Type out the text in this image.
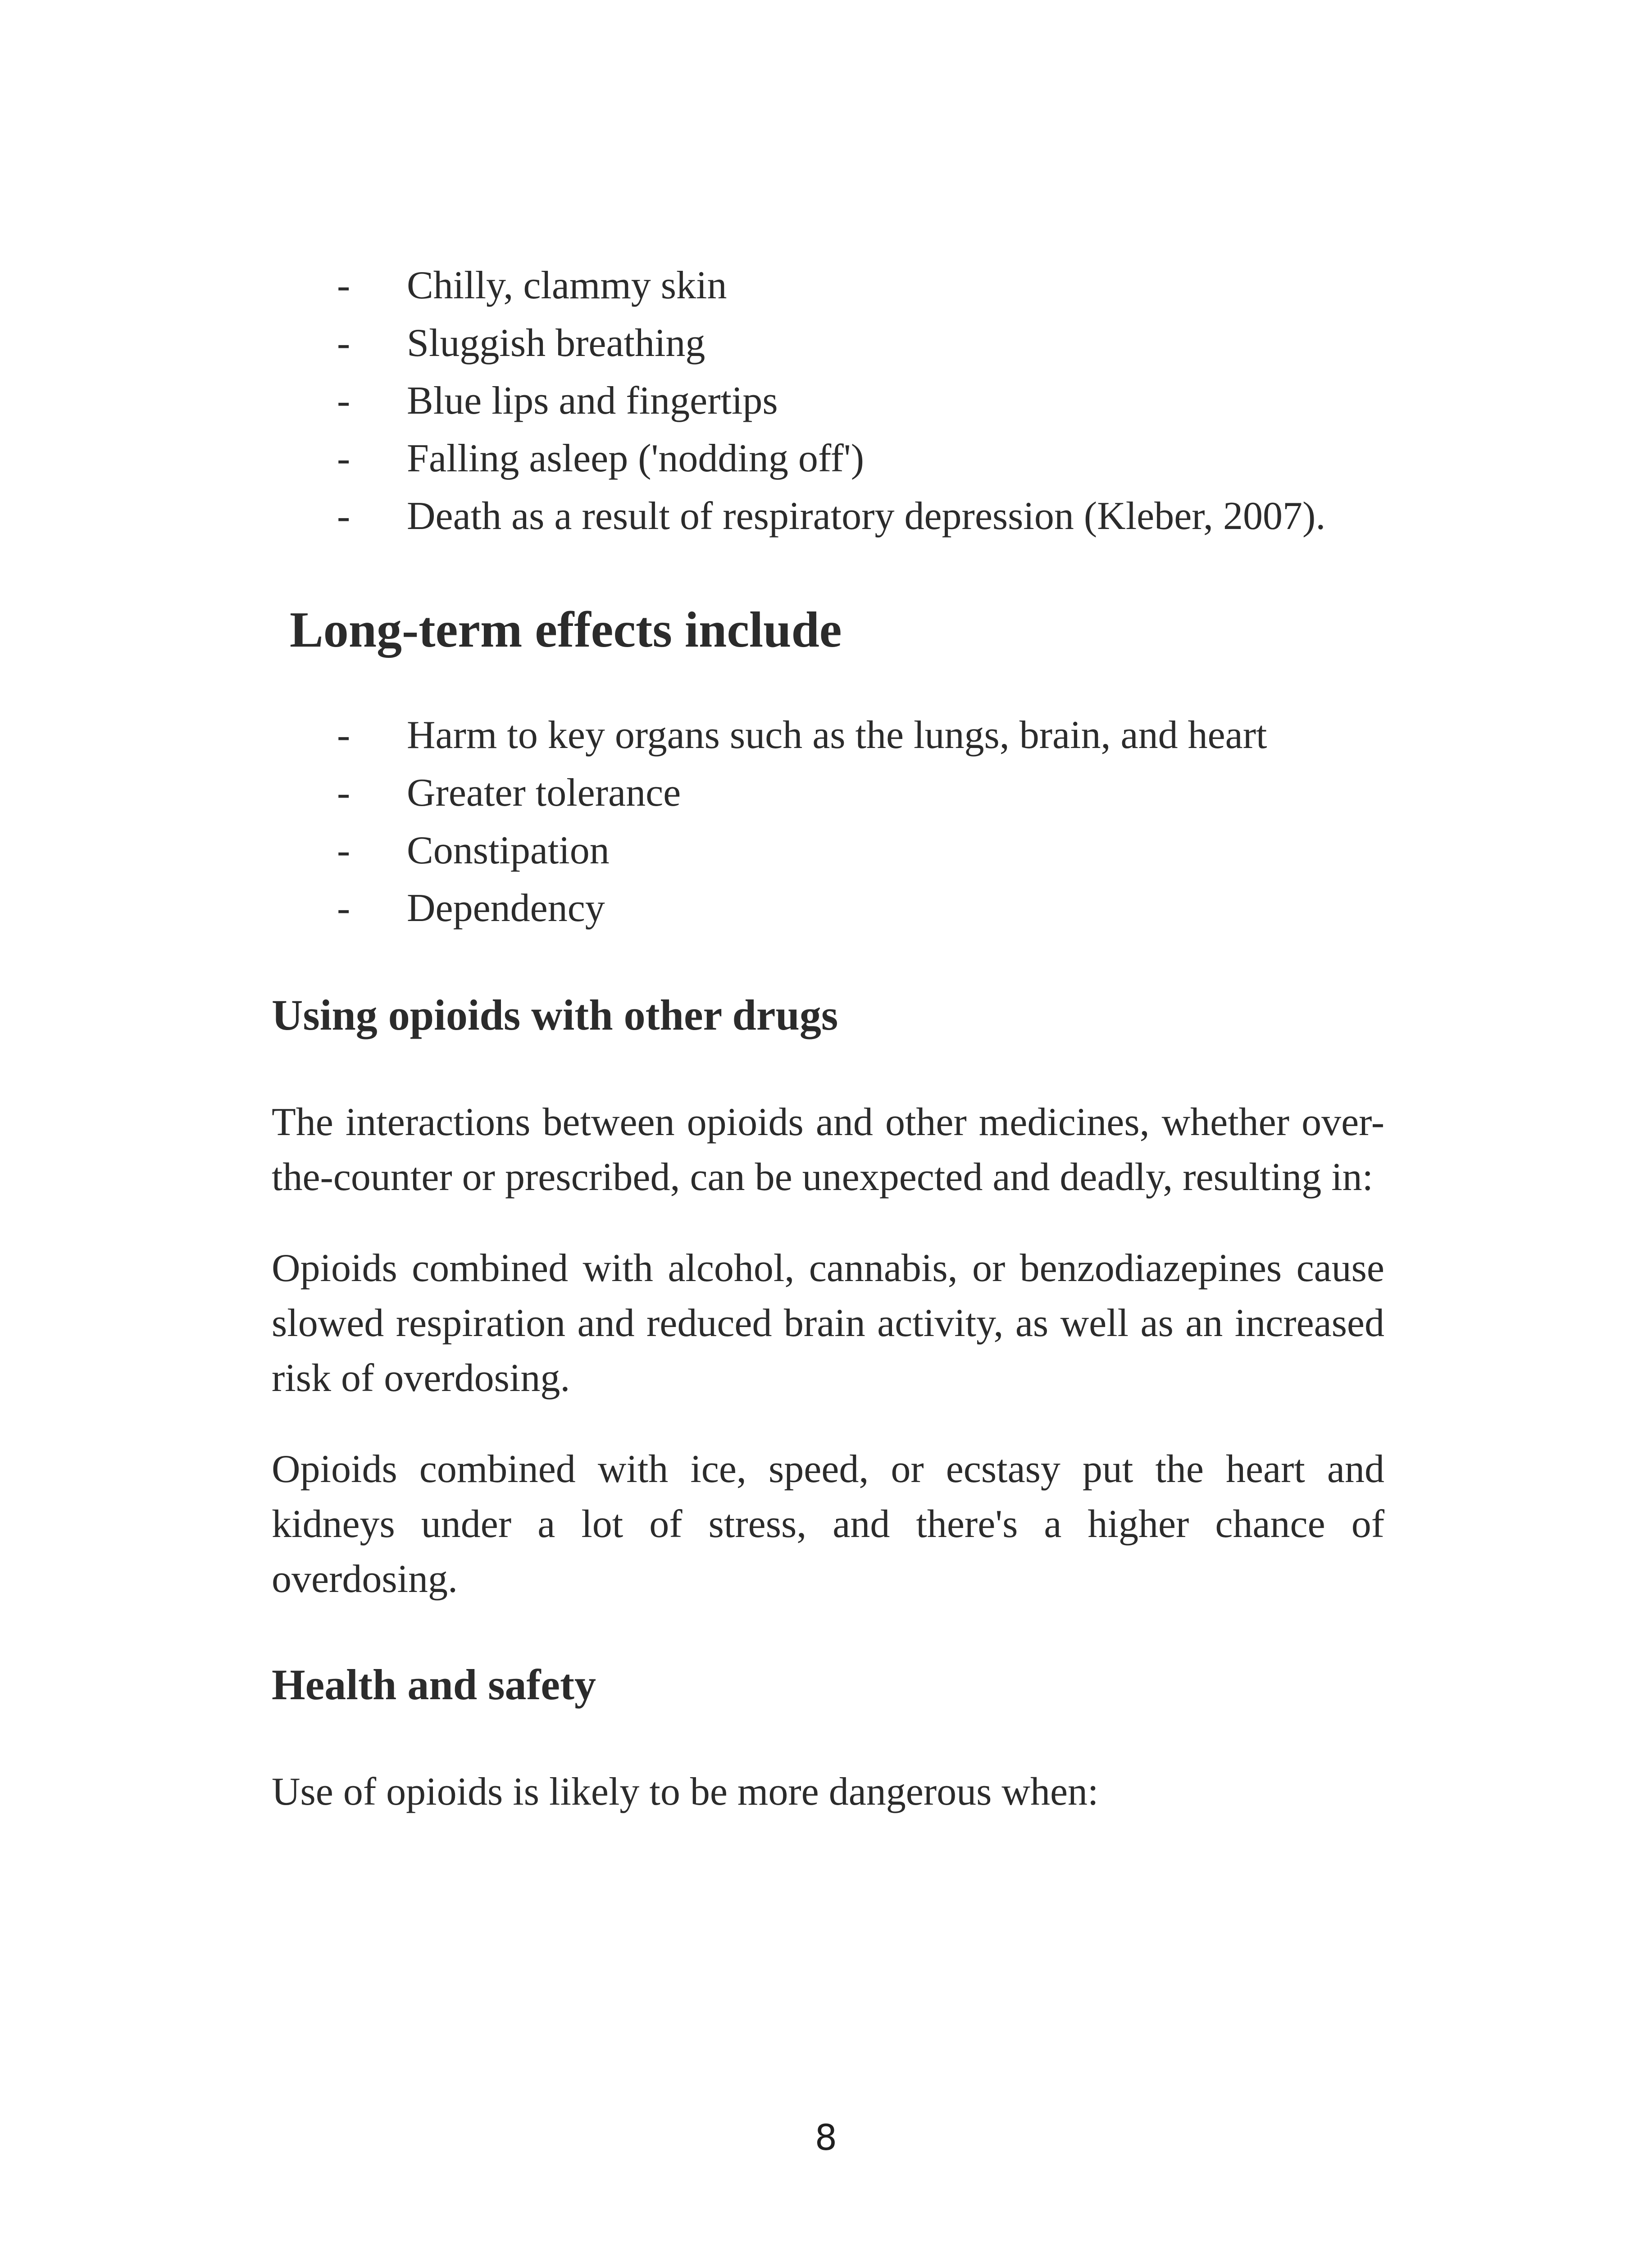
- Chilly, clammy skin
- Sluggish breathing
- Blue lips and fingertips
- Falling asleep ('nodding off')
- Death as a result of respiratory depression (Kleber, 2007).
Long-term effects include
- Harm to key organs such as the lungs, brain, and heart
- Greater tolerance
- Constipation
- Dependency
Using opioids with other drugs

The interactions between opioids and other medicines, whether over-the-counter or prescribed, can be unexpected and deadly, resulting in:

Opioids combined with alcohol, cannabis, or benzodiazepines cause slowed respiration and reduced brain activity, as well as an increased risk of overdosing.

Opioids combined with ice, speed, or ecstasy put the heart and kidneys under a lot of stress, and there's a higher chance of overdosing.

Health and safety

Use of opioids is likely to be more dangerous when:

8
